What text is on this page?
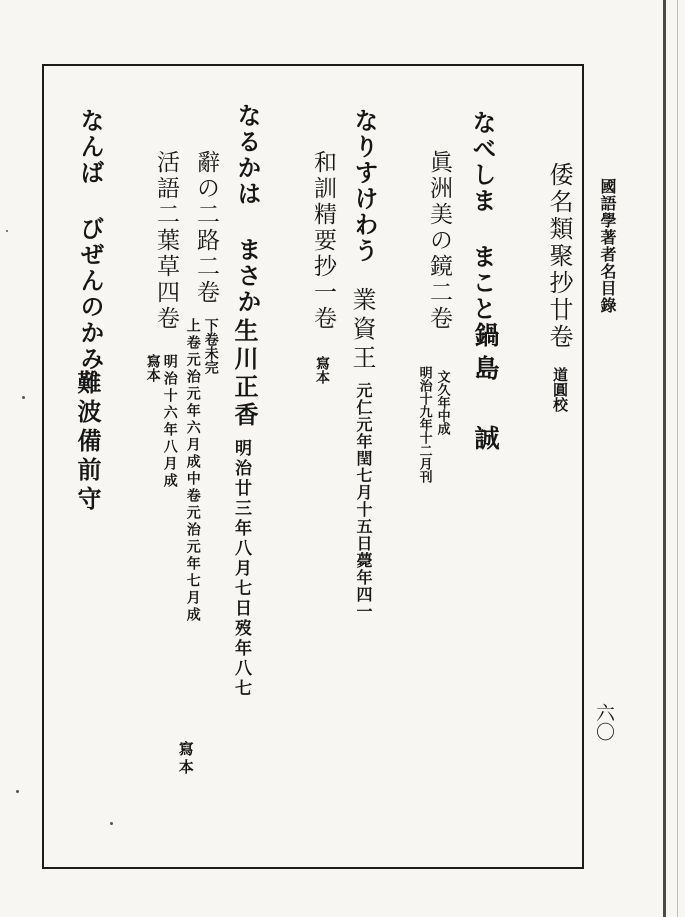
國語學著者名目錄
六〇
倭名類聚抄廿卷
道圓校
なべしま まこと
眞洲美の鏡二卷
文久年中成
明治十九年十二月刊 鍋島 誠
なりすけわう
業資王
元仁元年閏七月十五日薨年四一
和訓精要抄一卷
寫本
なるかは まさか
生川正香
明治廿三年八月七日歿年八七
辭の二路二卷
下卷未完
上卷元治元年六月成中卷元治元年七月成
寫本
活語二葉草四卷
明治十六年八月成
寫本
なんば びぜんのかみ
難波備前守
